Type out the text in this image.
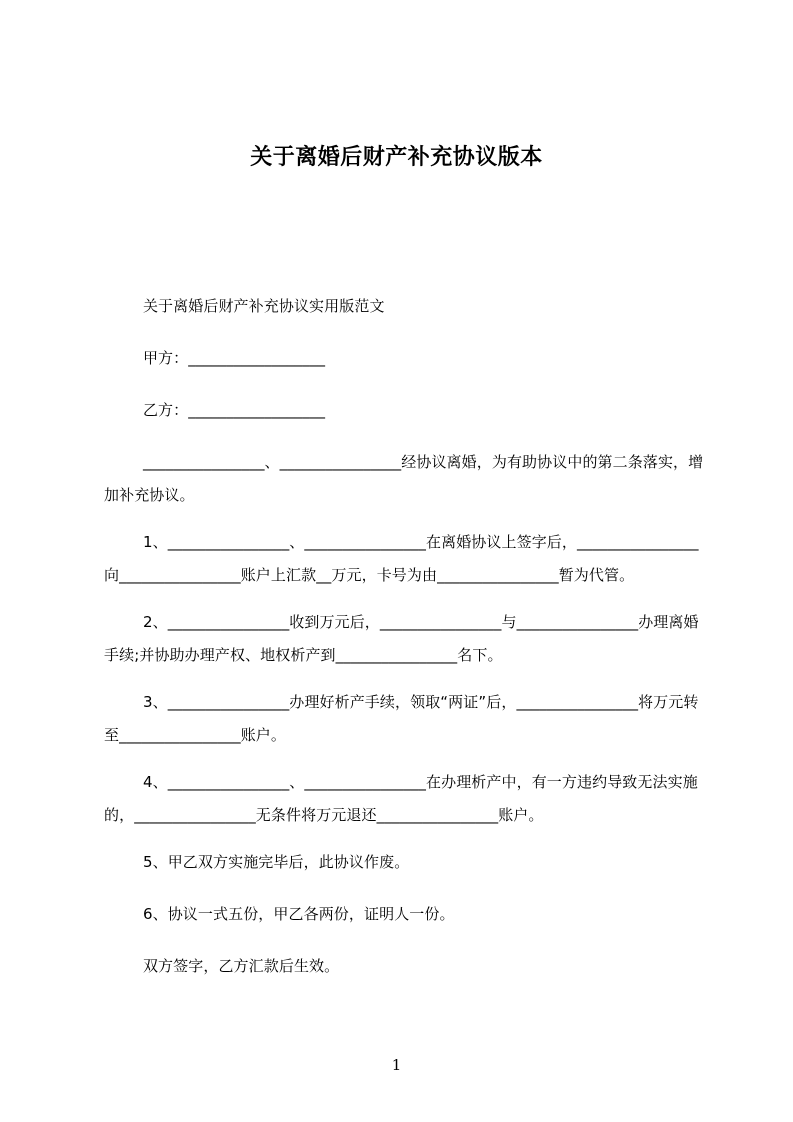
关于离婚后财产补充协议版本
关于离婚后财产补充协议实用版范文
甲方：__________________
乙方：__________________
________________、________________经协议离婚，为有助协议中的第二条落实，增加补充协议。
1、________________、________________在离婚协议上签字后，________________向________________账户上汇款__万元，卡号为由________________暂为代管。
2、________________收到万元后，________________与________________办理离婚手续;并协助办理产权、地权析产到________________名下。
3、________________办理好析产手续，领取“两证”后，________________将万元转至________________账户。
4、________________、________________在办理析产中，有一方违约导致无法实施的，________________无条件将万元退还________________账户。
5、甲乙双方实施完毕后，此协议作废。
6、协议一式五份，甲乙各两份，证明人一份。
双方签字，乙方汇款后生效。
1
